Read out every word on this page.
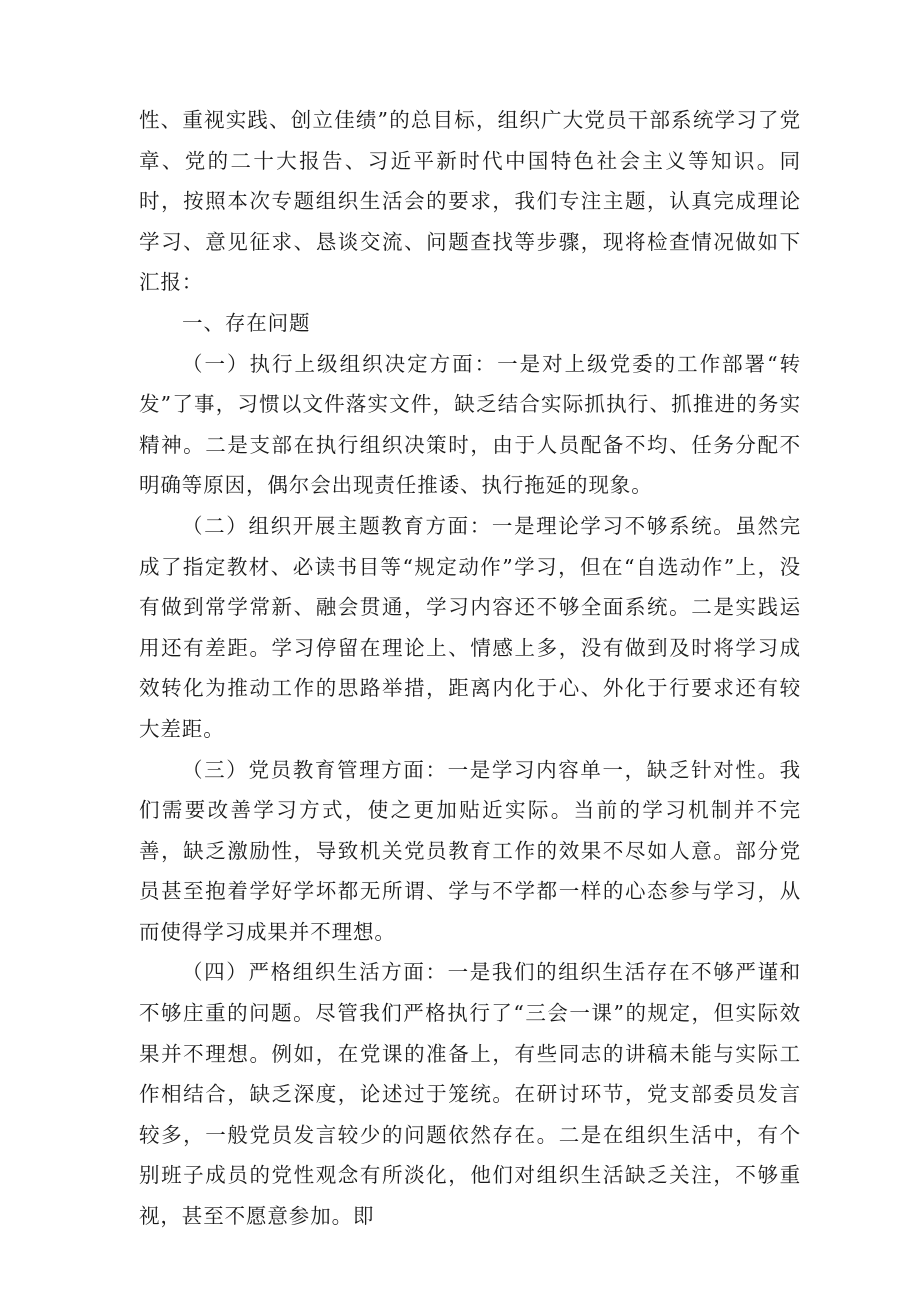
性、重视实践、创立佳绩”的总目标，组织广大党员干部系统学习了党章、党的二十大报告、习近平新时代中国特色社会主义等知识。同时，按照本次专题组织生活会的要求，我们专注主题，认真完成理论学习、意见征求、恳谈交流、问题查找等步骤，现将检查情况做如下汇报：

一、存在问题

（一）执行上级组织决定方面：一是对上级党委的工作部署“转发”了事，习惯以文件落实文件，缺乏结合实际抓执行、抓推进的务实精神。二是支部在执行组织决策时，由于人员配备不均、任务分配不明确等原因，偶尔会出现责任推诿、执行拖延的现象。

（二）组织开展主题教育方面：一是理论学习不够系统。虽然完成了指定教材、必读书目等“规定动作”学习，但在“自选动作”上，没有做到常学常新、融会贯通，学习内容还不够全面系统。二是实践运用还有差距。学习停留在理论上、情感上多，没有做到及时将学习成效转化为推动工作的思路举措，距离内化于心、外化于行要求还有较大差距。

（三）党员教育管理方面：一是学习内容单一，缺乏针对性。我们需要改善学习方式，使之更加贴近实际。当前的学习机制并不完善，缺乏激励性，导致机关党员教育工作的效果不尽如人意。部分党员甚至抱着学好学坏都无所谓、学与不学都一样的心态参与学习，从而使得学习成果并不理想。

（四）严格组织生活方面：一是我们的组织生活存在不够严谨和不够庄重的问题。尽管我们严格执行了“三会一课”的规定，但实际效果并不理想。例如，在党课的准备上，有些同志的讲稿未能与实际工作相结合，缺乏深度，论述过于笼统。在研讨环节，党支部委员发言较多，一般党员发言较少的问题依然存在。二是在组织生活中，有个别班子成员的党性观念有所淡化，他们对组织生活缺乏关注，不够重视，甚至不愿意参加。即
